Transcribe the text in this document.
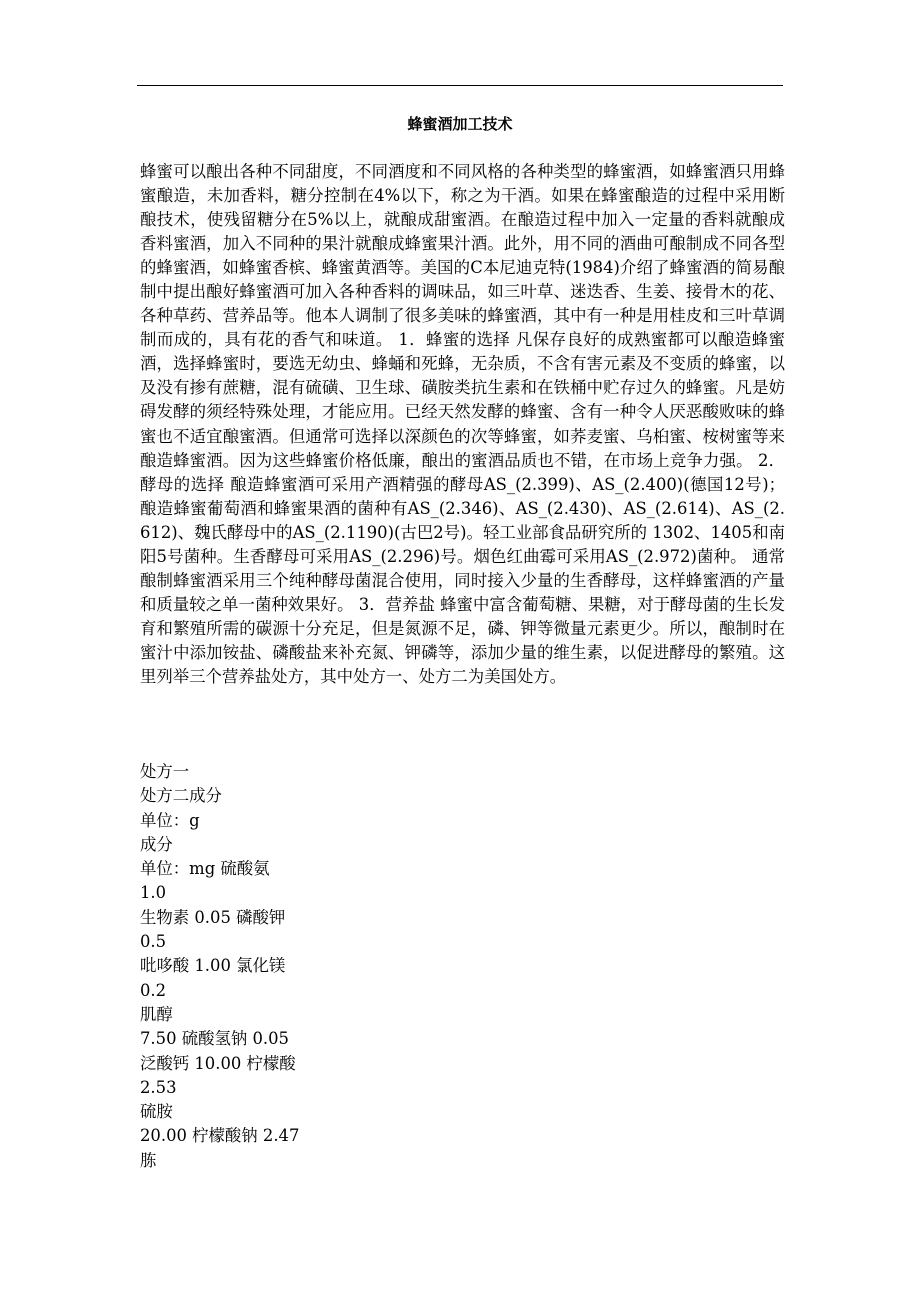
蜂蜜酒加工技术

蜂蜜可以酿出各种不同甜度，不同酒度和不同风格的各种类型的蜂蜜酒，如蜂蜜酒只用蜂蜜酿造，未加香料，糖分控制在4%以下，称之为干酒。如果在蜂蜜酿造的过程中采用断酿技术，使残留糖分在5%以上，就酿成甜蜜酒。在酿造过程中加入一定量的香料就酿成香料蜜酒，加入不同种的果汁就酿成蜂蜜果汁酒。此外，用不同的酒曲可酿制成不同各型的蜂蜜酒，如蜂蜜香槟、蜂蜜黄酒等。美国的C本尼迪克特(1984)介绍了蜂蜜酒的简易酿制中提出酿好蜂蜜酒可加入各种香料的调味品，如三叶草、迷迭香、生姜、接骨木的花、各种草药、营养品等。他本人调制了很多美味的蜂蜜酒，其中有一种是用桂皮和三叶草调制而成的，具有花的香气和味道。 1．蜂蜜的选择 凡保存良好的成熟蜜都可以酿造蜂蜜酒，选择蜂蜜时，要选无幼虫、蜂蛹和死蜂，无杂质，不含有害元素及不变质的蜂蜜，以及没有掺有蔗糖，混有硫磺、卫生球、磺胺类抗生素和在铁桶中贮存过久的蜂蜜。凡是妨碍发酵的须经特殊处理，才能应用。已经天然发酵的蜂蜜、含有一种令人厌恶酸败味的蜂蜜也不适宜酿蜜酒。但通常可选择以深颜色的次等蜂蜜，如荞麦蜜、乌桕蜜、桉树蜜等来酿造蜂蜜酒。因为这些蜂蜜价格低廉，酿出的蜜酒品质也不错，在市场上竞争力强。 2．酵母的选择 酿造蜂蜜酒可采用产酒精强的酵母AS_(2.399)、AS_(2.400)(德国12号)；酿造蜂蜜葡萄酒和蜂蜜果酒的菌种有AS_(2.346)、AS_(2.430)、AS_(2.614)、AS_(2.612)、魏氏酵母中的AS_(2.1190)(古巴2号)。轻工业部食品研究所的 1302、1405和南阳5号菌种。生香酵母可采用AS_(2.296)号。烟色红曲霉可采用AS_(2.972)菌种。 通常酿制蜂蜜酒采用三个纯种酵母菌混合使用，同时接入少量的生香酵母，这样蜂蜜酒的产量和质量较之单一菌种效果好。 3．营养盐 蜂蜜中富含葡萄糖、果糖，对于酵母菌的生长发育和繁殖所需的碳源十分充足，但是氮源不足，磷、钾等微量元素更少。所以，酿制时在蜜汁中添加铵盐、磷酸盐来补充氮、钾磷等，添加少量的维生素，以促进酵母的繁殖。这里列举三个营养盐处方，其中处方一、处方二为美国处方。

处方一
处方二成分
单位：g
成分
单位：mg 硫酸氨
1.0
生物素 0.05 磷酸钾
0.5
吡哆酸 1.00 氯化镁
0.2
肌醇
7.50 硫酸氢钠 0.05
泛酸钙 10.00 柠檬酸
2.53
硫胺
20.00 柠檬酸钠 2.47
胨
